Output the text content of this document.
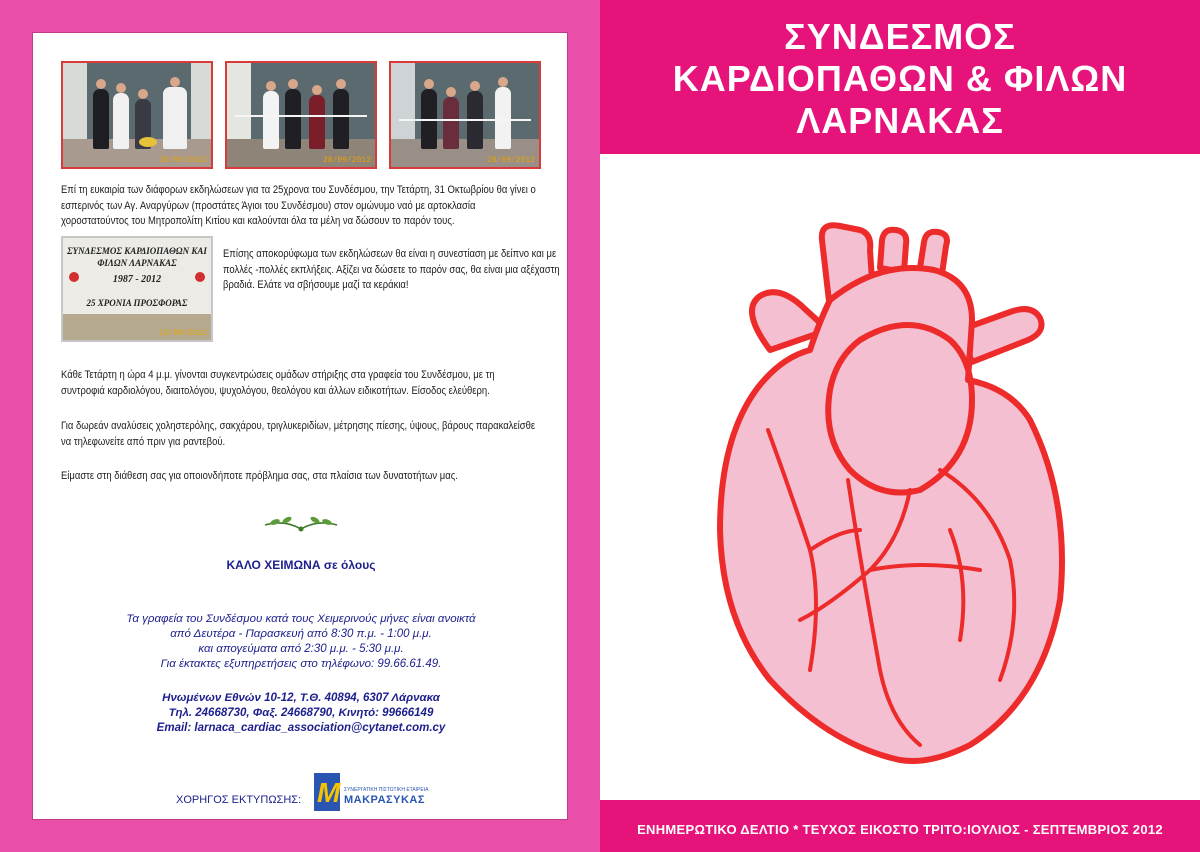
28/09/2012	28/09/2012	28/09/2012
Επί τη ευκαιρία των διάφορων εκδηλώσεων για τα 25χρονα του Συνδέσμου, την Τετάρτη, 31 Οκτωβρίου θα γίνει ο εσπερινός των Αγ. Αναργύρων (προστάτες Άγιοι του Συνδέσμου) στον ομώνυμο ναό με αρτοκλασία χοροστατούντος του Μητροπολίτη Κιτίου και καλούνται όλα τα μέλη να δώσουν το παρόν τους.
ΣΥΝΔΕΣΜΟΣ ΚΑΡΔΙΟΠΑΘΩΝ ΚΑΙ
ΦΙΛΩΝ ΛΑΡΝΑΚΑΣ
1987 - 2012
25 ΧΡΟΝΙΑ ΠΡΟΣΦΟΡΑΣ
12/09/2012
Επίσης αποκορύφωμα των εκδηλώσεων θα είναι η συνεστίαση με δείπνο και με πολλές -πολλές εκπλήξεις. Αξίζει να δώσετε το παρόν σας, θα είναι μια αξέχαστη βραδιά. Ελάτε να σβήσουμε μαζί τα κεράκια!
Κάθε Τετάρτη η ώρα 4 μ.μ. γίνονται συγκεντρώσεις ομάδων στήριξης στα γραφεία του Συνδέσμου, με τη συντροφιά καρδιολόγου, διαιτολόγου, ψυχολόγου, θεολόγου και άλλων ειδικοτήτων. Είσοδος ελεύθερη.
Για δωρεάν αναλύσεις χοληστερόλης, σακχάρου, τριγλυκεριδίων, μέτρησης πίεσης, ύψους, βάρους παρακαλείσθε να τηλεφωνείτε από πριν για ραντεβού.
Είμαστε στη διάθεση σας για οποιονδήποτε πρόβλημα σας, στα πλαίσια των δυνατοτήτων μας.
ΚΑΛΟ ΧΕΙΜΩΝΑ σε όλους
Τα γραφεία του Συνδέσμου κατά τους Χειμερινούς μήνες είναι ανοικτά
από Δευτέρα - Παρασκευή από 8:30 π.μ. - 1:00 μ.μ.
και απογεύματα από 2:30 μ.μ. - 5:30 μ.μ.
Για έκτακτες εξυπηρετήσεις στο τηλέφωνο: 99.66.61.49.
Ηνωμένων Εθνών 10-12, Τ.Θ. 40894, 6307 Λάρνακα
Τηλ. 24668730, Φαξ. 24668790, Κινητό: 99666149
Email: larnaca_cardiac_association@cytanet.com.cy
ΧΟΡΗΓΟΣ ΕΚΤΥΠΩΣΗΣ: M ΣΥΝΕΡΓΑΤΙΚΗ ΠΙΣΤΩΤΙΚΗ ΕΤΑΙΡΕΙΑ
ΜΑΚΡΑΣΥΚΑΣ
ΣΥΝΔΕΣΜΟΣ
ΚΑΡΔΙΟΠΑΘΩΝ & ΦΙΛΩΝ
ΛΑΡΝΑΚΑΣ
ΕΝΗΜΕΡΩΤΙΚΟ ΔΕΛΤΙΟ * ΤΕΥΧΟΣ ΕΙΚΟΣΤΟ ΤΡΙΤΟ:ΙΟΥΛΙΟΣ - ΣΕΠΤΕΜΒΡΙΟΣ 2012
